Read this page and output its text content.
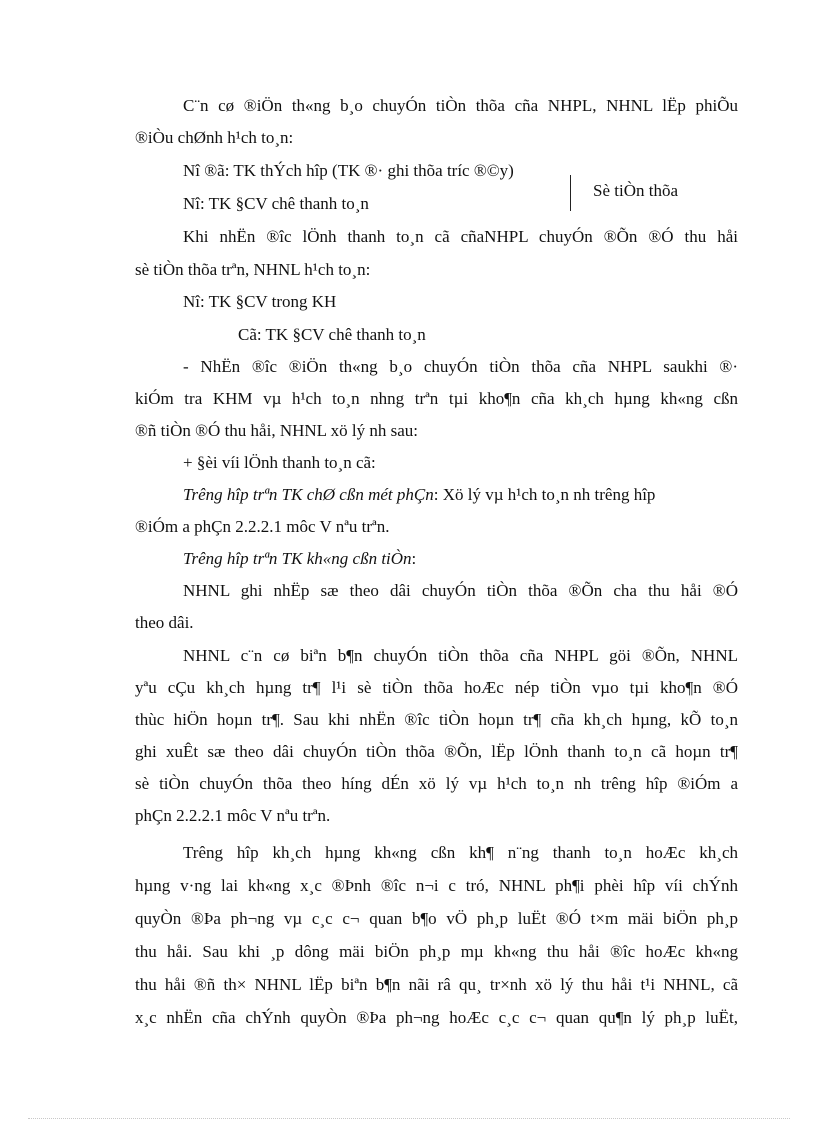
C¨n cø ®iÖn th«ng b¸o chuyÓn tiÒn thõa cña NHPL, NHNL lËp phiÕu
®iÒu chØnh h¹ch to¸n:
Nî ®ã: TK thÝch hîp (TK ®· ghi thõa tríc ®©y)
Sè tiÒn thõa
Nî: TK §CV chê thanh to¸n
Khi nhËn ®îc lÖnh thanh to¸n cã cñaNHPL chuyÓn ®Õn ®Ó thu håi
sè tiÒn thõa trªn, NHNL h¹ch to¸n:
Nî: TK §CV trong KH
Cã: TK §CV chê thanh to¸n
- NhËn ®îc ®iÖn th«ng b¸o chuyÓn tiÒn thõa cña NHPL saukhi ®·
kiÓm tra KHM vµ h¹ch to¸n nhng trªn tµi kho¶n cña kh¸ch hµng kh«ng cßn
®ñ tiÒn ®Ó thu håi, NHNL xö lý nh sau:
+ §èi víi lÖnh thanh to¸n cã:
Trêng hîp trªn TK chØ cßn mét phÇn: Xö lý vµ h¹ch to¸n nh trêng hîp
®iÓm a phÇn 2.2.2.1 môc V nªu trªn.
Trêng hîp trªn TK kh«ng cßn tiÒn:
NHNL ghi nhËp sæ theo dâi chuyÓn tiÒn thõa ®Õn cha thu håi ®Ó
theo dâi.
NHNL c¨n cø biªn b¶n chuyÓn tiÒn thõa cña NHPL göi ®Õn, NHNL
yªu cÇu kh¸ch hµng tr¶ l¹i sè tiÒn thõa hoÆc nép tiÒn vµo tµi kho¶n ®Ó
thùc hiÖn hoµn tr¶. Sau khi nhËn ®îc tiÒn hoµn tr¶ cña kh¸ch hµng, kÕ to¸n
ghi xuÊt sæ theo dâi chuyÓn tiÒn thõa ®Õn, lËp lÖnh thanh to¸n cã hoµn tr¶
sè tiÒn chuyÓn thõa theo híng dÉn xö lý vµ h¹ch to¸n nh trêng hîp ®iÓm a
phÇn 2.2.2.1 môc V nªu trªn.
Trêng hîp kh¸ch hµng kh«ng cßn kh¶ n¨ng thanh to¸n hoÆc kh¸ch
hµng v·ng lai kh«ng x¸c ®Þnh ®îc n¬i c tró, NHNL ph¶i phèi hîp víi chÝnh
quyÒn ®Þa ph¬ng vµ c¸c c¬ quan b¶o vÖ ph¸p luËt ®Ó t×m mäi biÖn ph¸p
thu håi. Sau khi ¸p dông mäi biÖn ph¸p mµ kh«ng thu håi ®îc hoÆc kh«ng
thu håi ®ñ th× NHNL lËp biªn b¶n nãi râ qu¸ tr×nh xö lý thu håi t¹i NHNL, cã
x¸c nhËn cña chÝnh quyÒn ®Þa ph¬ng hoÆc c¸c c¬ quan qu¶n lý ph¸p luËt,
